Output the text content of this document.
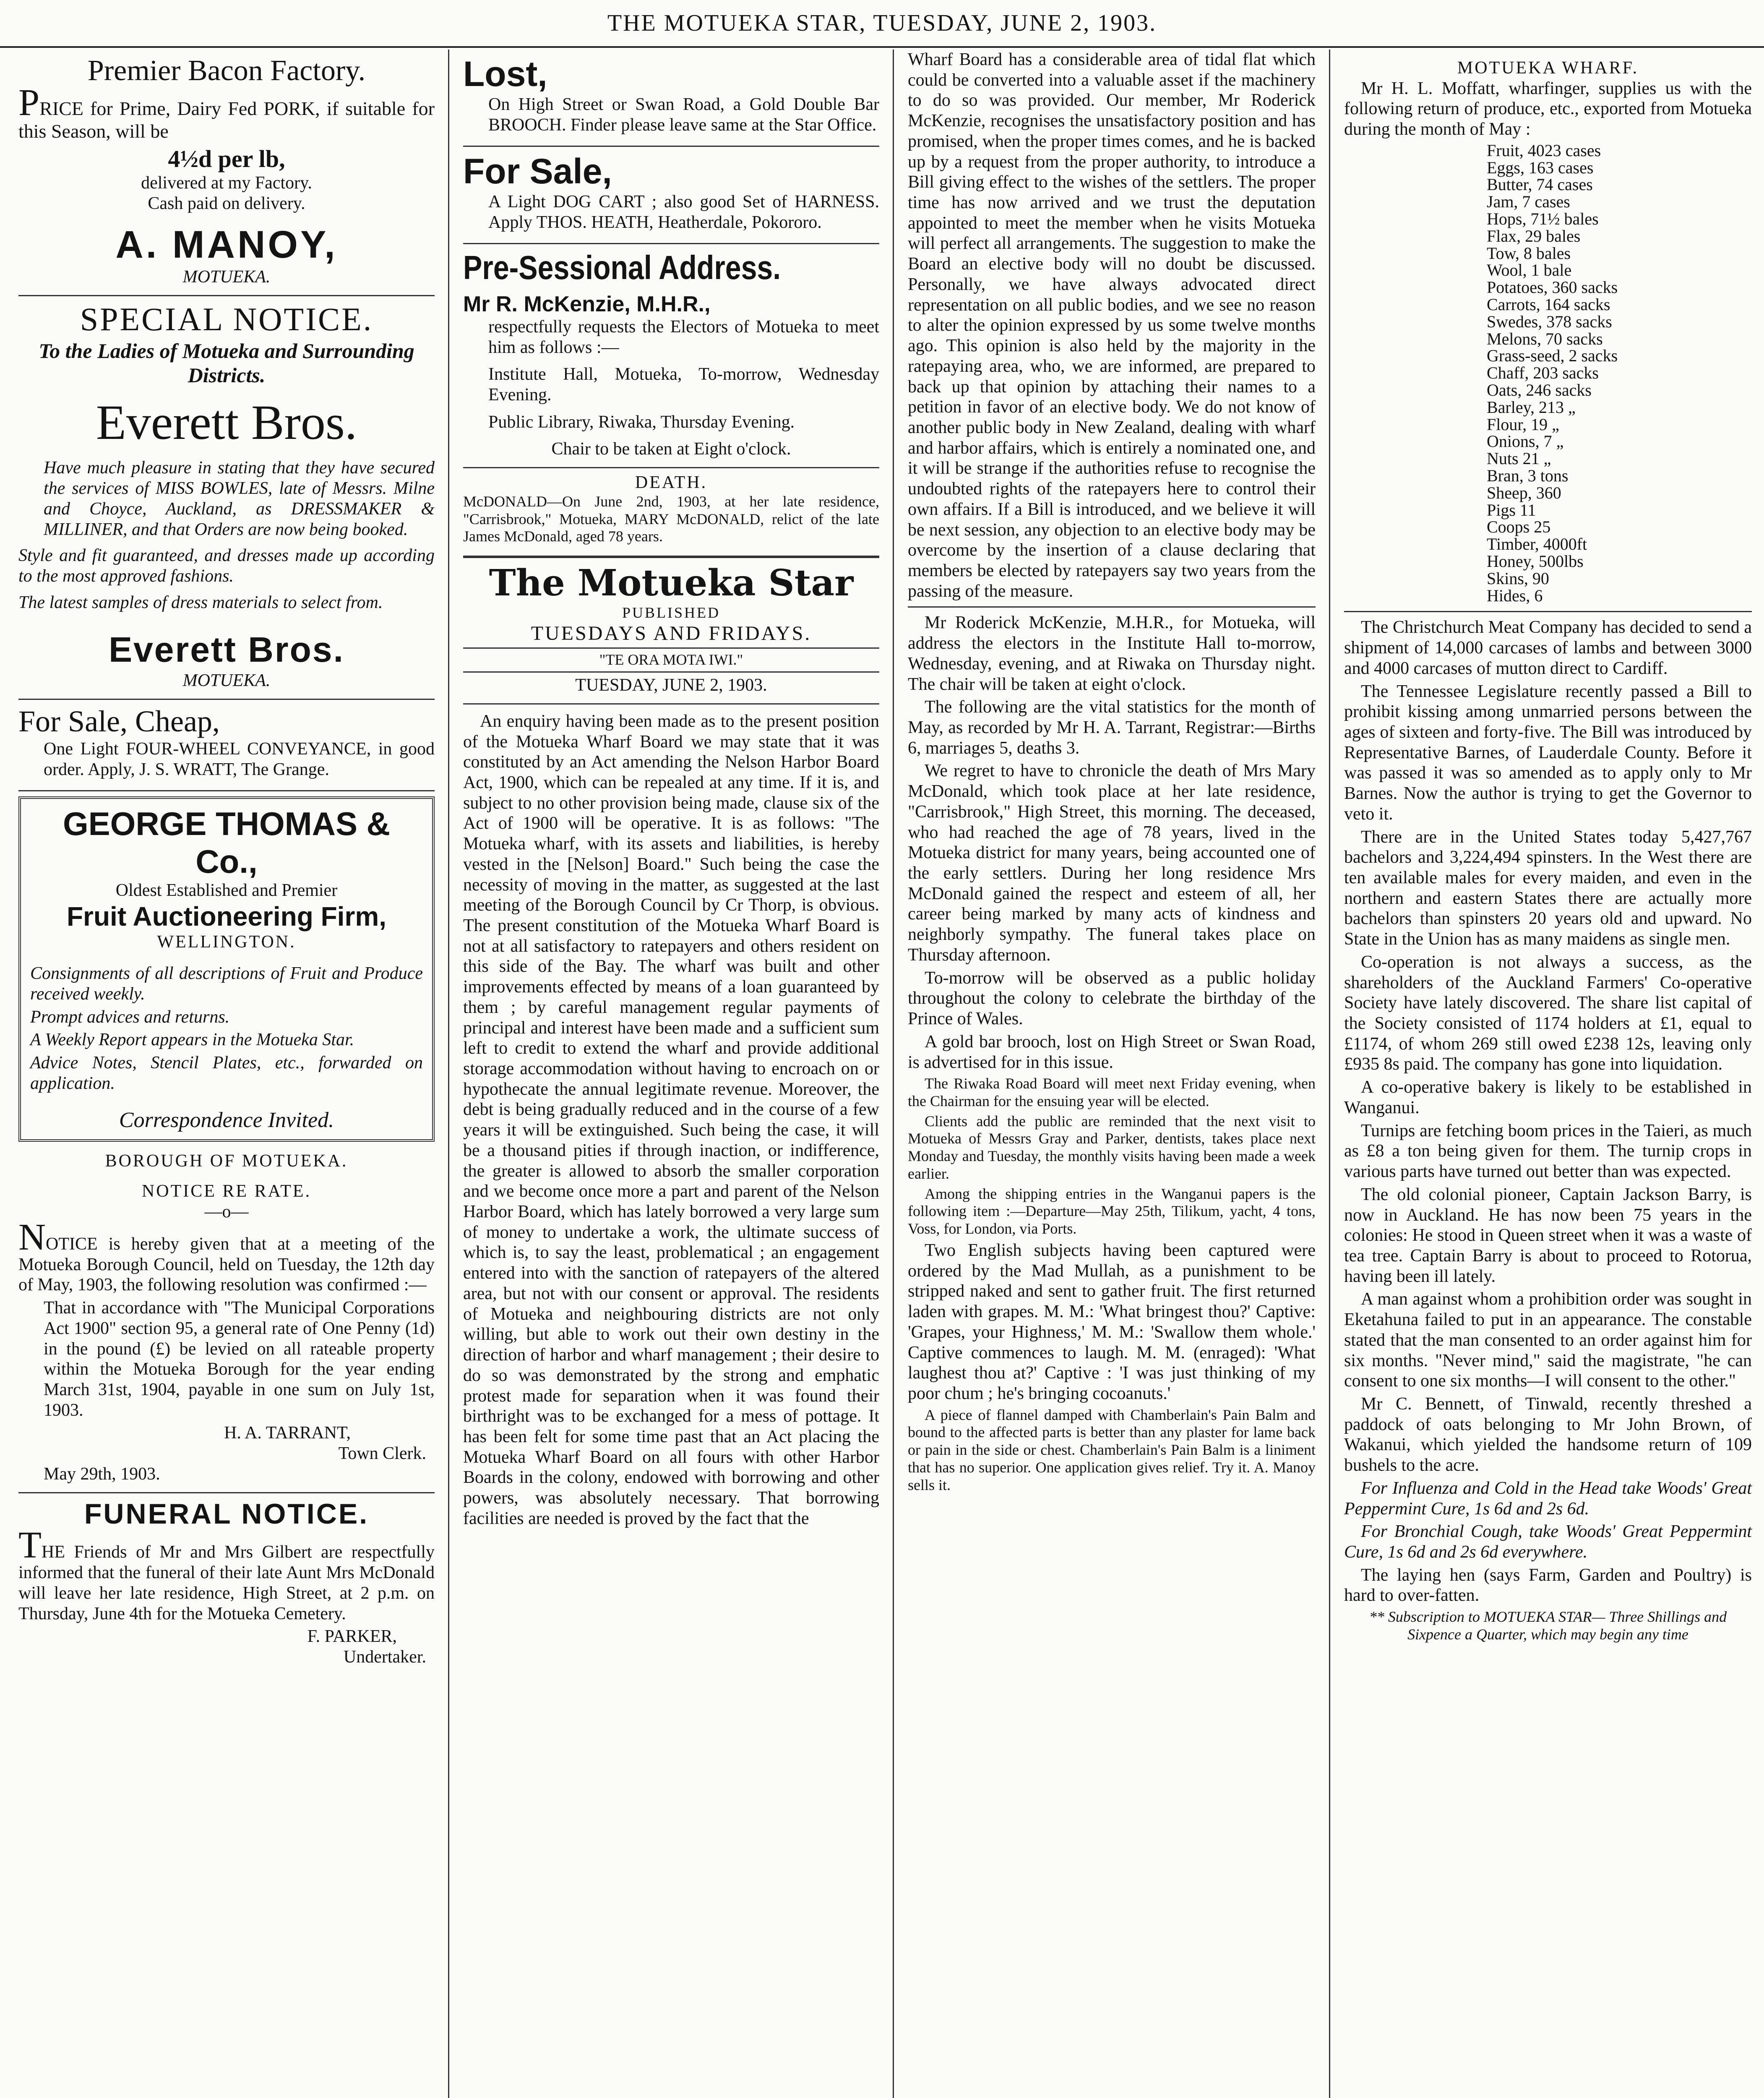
THE MOTUEKA STAR, TUESDAY, JUNE 2, 1903.
Premier Bacon Factory.

PRICE for Prime, Dairy Fed PORK, if suitable for this Season, will be

4½d per lb,
delivered at my Factory.
Cash paid on delivery.
A. MANOY,
MOTUEKA.
SPECIAL NOTICE.
To the Ladies of Motueka and Surrounding Districts.
Everett Bros.

Have much pleasure in stating that they have secured the services of MISS BOWLES, late of Messrs. Milne and Choyce, Auckland, as DRESSMAKER & MILLINER, and that Orders are now being booked.

Style and fit guaranteed, and dresses made up according to the most approved fashions.

The latest samples of dress materials to select from.

Everett Bros.
MOTUEKA.
For Sale, Cheap,

One Light FOUR-WHEEL CONVEYANCE, in good order. Apply, J. S. WRATT, The Grange.

GEORGE THOMAS & Co.,
Oldest Established and Premier
Fruit Auctioneering Firm,
WELLINGTON.

Consignments of all descriptions of Fruit and Produce received weekly.

Prompt advices and returns.

A Weekly Report appears in the Motueka Star.

Advice Notes, Stencil Plates, etc., forwarded on application.

Correspondence Invited.
BOROUGH OF MOTUEKA.
NOTICE RE RATE.
—o—

NOTICE is hereby given that at a meeting of the Motueka Borough Council, held on Tuesday, the 12th day of May, 1903, the following resolution was confirmed :—

That in accordance with "The Municipal Corporations Act 1900" section 95, a general rate of One Penny (1d) in the pound (£) be levied on all rateable property within the Motueka Borough for the year ending March 31st, 1904, payable in one sum on July 1st, 1903.

H. A. TARRANT,
Town Clerk.
May 29th, 1903.
FUNERAL NOTICE.

THE Friends of Mr and Mrs Gilbert are respectfully informed that the funeral of their late Aunt Mrs McDonald will leave her late residence, High Street, at 2 p.m. on Thursday, June 4th for the Motueka Cemetery.

F. PARKER,
Undertaker.
Lost,

On High Street or Swan Road, a Gold Double Bar BROOCH. Finder please leave same at the Star Office.

For Sale,

A Light DOG CART ; also good Set of HARNESS. Apply THOS. HEATH, Heatherdale, Pokororo.

Pre-Sessional Address.
Mr R. McKenzie, M.H.R.,

respectfully requests the Electors of Motueka to meet him as follows :—

Institute Hall, Motueka, To-morrow, Wednesday Evening.

Public Library, Riwaka, Thursday Evening.

Chair to be taken at Eight o'clock.
DEATH.

McDONALD—On June 2nd, 1903, at her late residence, "Carrisbrook," Motueka, MARY McDONALD, relict of the late James McDonald, aged 78 years.

The Motueka Star
PUBLISHED
TUESDAYS AND FRIDAYS.
"TE ORA MOTA IWI."
TUESDAY, JUNE 2, 1903.

An enquiry having been made as to the present position of the Motueka Wharf Board we may state that it was constituted by an Act amending the Nelson Harbor Board Act, 1900, which can be repealed at any time. If it is, and subject to no other provision being made, clause six of the Act of 1900 will be operative. It is as follows: "The Motueka wharf, with its assets and liabilities, is hereby vested in the [Nelson] Board." Such being the case the necessity of moving in the matter, as suggested at the last meeting of the Borough Council by Cr Thorp, is obvious. The present constitution of the Motueka Wharf Board is not at all satisfactory to ratepayers and others resident on this side of the Bay. The wharf was built and other improvements effected by means of a loan guaranteed by them ; by careful management regular payments of principal and interest have been made and a sufficient sum left to credit to extend the wharf and provide additional storage accommodation without having to encroach on or hypothecate the annual legitimate revenue. Moreover, the debt is being gradually reduced and in the course of a few years it will be extinguished. Such being the case, it will be a thousand pities if through inaction, or indifference, the greater is allowed to absorb the smaller corporation and we become once more a part and parent of the Nelson Harbor Board, which has lately borrowed a very large sum of money to undertake a work, the ultimate success of which is, to say the least, problematical ; an engagement entered into with the sanction of ratepayers of the altered area, but not with our consent or approval. The residents of Motueka and neighbouring districts are not only willing, but able to work out their own destiny in the direction of harbor and wharf management ; their desire to do so was demonstrated by the strong and emphatic protest made for separation when it was found their birthright was to be exchanged for a mess of pottage. It has been felt for some time past that an Act placing the Motueka Wharf Board on all fours with other Harbor Boards in the colony, endowed with borrowing and other powers, was absolutely necessary. That borrowing facilities are needed is proved by the fact that the

Wharf Board has a considerable area of tidal flat which could be converted into a valuable asset if the machinery to do so was provided. Our member, Mr Roderick McKenzie, recognises the unsatisfactory position and has promised, when the proper times comes, and he is backed up by a request from the proper authority, to introduce a Bill giving effect to the wishes of the settlers. The proper time has now arrived and we trust the deputation appointed to meet the member when he visits Motueka will perfect all arrangements. The suggestion to make the Board an elective body will no doubt be discussed. Personally, we have always advocated direct representation on all public bodies, and we see no reason to alter the opinion expressed by us some twelve months ago. This opinion is also held by the majority in the ratepaying area, who, we are informed, are prepared to back up that opinion by attaching their names to a petition in favor of an elective body. We do not know of another public body in New Zealand, dealing with wharf and harbor affairs, which is entirely a nominated one, and it will be strange if the authorities refuse to recognise the undoubted rights of the ratepayers here to control their own affairs. If a Bill is introduced, and we believe it will be next session, any objection to an elective body may be overcome by the insertion of a clause declaring that members be elected by ratepayers say two years from the passing of the measure.

Mr Roderick McKenzie, M.H.R., for Motueka, will address the electors in the Institute Hall to-morrow, Wednesday, evening, and at Riwaka on Thursday night. The chair will be taken at eight o'clock.

The following are the vital statistics for the month of May, as recorded by Mr H. A. Tarrant, Registrar:—Births 6, marriages 5, deaths 3.

We regret to have to chronicle the death of Mrs Mary McDonald, which took place at her late residence, "Carrisbrook," High Street, this morning. The deceased, who had reached the age of 78 years, lived in the Motueka district for many years, being accounted one of the early settlers. During her long residence Mrs McDonald gained the respect and esteem of all, her career being marked by many acts of kindness and neighborly sympathy. The funeral takes place on Thursday afternoon.

To-morrow will be observed as a public holiday throughout the colony to celebrate the birthday of the Prince of Wales.

A gold bar brooch, lost on High Street or Swan Road, is advertised for in this issue.

The Riwaka Road Board will meet next Friday evening, when the Chairman for the ensuing year will be elected.

Clients add the public are reminded that the next visit to Motueka of Messrs Gray and Parker, dentists, takes place next Monday and Tuesday, the monthly visits having been made a week earlier.

Among the shipping entries in the Wanganui papers is the following item :—Departure—May 25th, Tilikum, yacht, 4 tons, Voss, for London, via Ports.

Two English subjects having been captured were ordered by the Mad Mullah, as a punishment to be stripped naked and sent to gather fruit. The first returned laden with grapes. M. M.: 'What bringest thou?' Captive: 'Grapes, your Highness,' M. M.: 'Swallow them whole.' Captive commences to laugh. M. M. (enraged): 'What laughest thou at?' Captive : 'I was just thinking of my poor chum ; he's bringing cocoanuts.'

A piece of flannel damped with Chamberlain's Pain Balm and bound to the affected parts is better than any plaster for lame back or pain in the side or chest. Chamberlain's Pain Balm is a liniment that has no superior. One application gives relief. Try it. A. Manoy sells it.

MOTUEKA WHARF.

Mr H. L. Moffatt, wharfinger, supplies us with the following return of produce, etc., exported from Motueka during the month of May :

Fruit, 4023 cases
Eggs, 163 cases
Butter, 74 cases
Jam, 7 cases
Hops, 71½ bales
Flax, 29 bales
Tow, 8 bales
Wool, 1 bale
Potatoes, 360 sacks
Carrots, 164 sacks
Swedes, 378 sacks
Melons, 70 sacks
Grass-seed, 2 sacks
Chaff, 203 sacks
Oats, 246 sacks
Barley, 213 „
Flour, 19 „
Onions, 7 „
Nuts 21 „
Bran, 3 tons
Sheep, 360
Pigs 11
Coops 25
Timber, 4000ft
Honey, 500lbs
Skins, 90
Hides, 6

The Christchurch Meat Company has decided to send a shipment of 14,000 carcases of lambs and between 3000 and 4000 carcases of mutton direct to Cardiff.

The Tennessee Legislature recently passed a Bill to prohibit kissing among unmarried persons between the ages of sixteen and forty-five. The Bill was introduced by Representative Barnes, of Lauderdale County. Before it was passed it was so amended as to apply only to Mr Barnes. Now the author is trying to get the Governor to veto it.

There are in the United States today 5,427,767 bachelors and 3,224,494 spinsters. In the West there are ten available males for every maiden, and even in the northern and eastern States there are actually more bachelors than spinsters 20 years old and upward. No State in the Union has as many maidens as single men.

Co-operation is not always a success, as the shareholders of the Auckland Farmers' Co-operative Society have lately discovered. The share list capital of the Society consisted of 1174 holders at £1, equal to £1174, of whom 269 still owed £238 12s, leaving only £935 8s paid. The company has gone into liquidation.

A co-operative bakery is likely to be established in Wanganui.

Turnips are fetching boom prices in the Taieri, as much as £8 a ton being given for them. The turnip crops in various parts have turned out better than was expected.

The old colonial pioneer, Captain Jackson Barry, is now in Auckland. He has now been 75 years in the colonies: He stood in Queen street when it was a waste of tea tree. Captain Barry is about to proceed to Rotorua, having been ill lately.

A man against whom a prohibition order was sought in Eketahuna failed to put in an appearance. The constable stated that the man consented to an order against him for six months. "Never mind," said the magistrate, "he can consent to one six months—I will consent to the other."

Mr C. Bennett, of Tinwald, recently threshed a paddock of oats belonging to Mr John Brown, of Wakanui, which yielded the handsome return of 109 bushels to the acre.

For Influenza and Cold in the Head take Woods' Great Peppermint Cure, 1s 6d and 2s 6d.

For Bronchial Cough, take Woods' Great Peppermint Cure, 1s 6d and 2s 6d everywhere.

The laying hen (says Farm, Garden and Poultry) is hard to over-fatten.

** Subscription to MOTUEKA STAR— Three Shillings and Sixpence a Quarter, which may begin any time
